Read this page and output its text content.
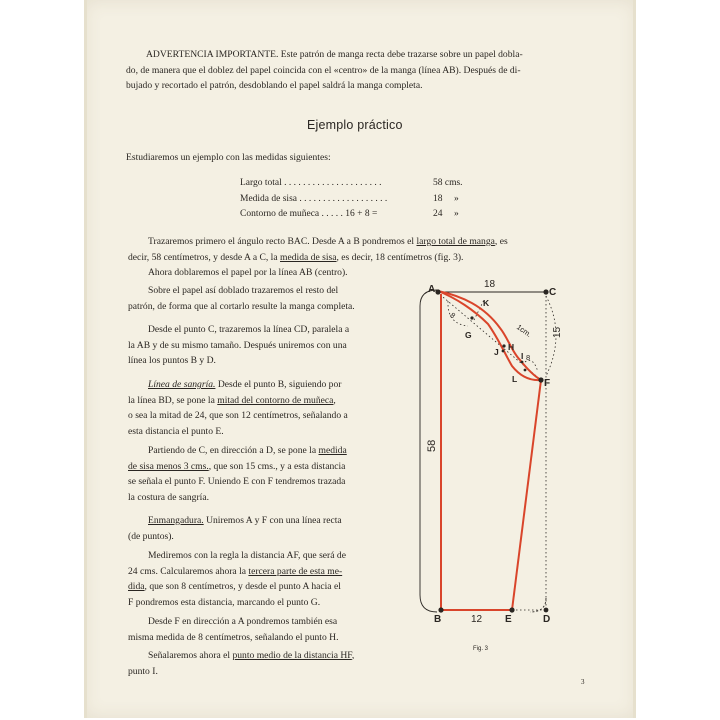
ADVERTENCIA IMPORTANTE. Este patrón de manga recta debe trazarse sobre un papel dobla-
do, de manera que el doblez del papel coincida con el «centro» de la manga (línea AB). Después de di-
bujado y recortado el patrón, desdoblando el papel saldrá la manga completa.
Ejemplo práctico
Estudiaremos un ejemplo con las medidas siguientes:
Largo total . . . . . . . . . . . . . . . . . . . . .	58 cms.
Medida de sisa . . . . . . . . . . . . . . . . . . .	18 »
Contorno de muñeca . . . . . 16 + 8 =	24 »
Trazaremos primero el ángulo recto BAC. Desde A a B pondremos el largo total de manga, es
decir, 58 centímetros, y desde A a C, la medida de sisa, es decir, 18 centímetros (fig. 3).
Ahora doblaremos el papel por la línea AB (centro).
Sobre el papel así doblado trazaremos el resto del
patrón, de forma que al cortarlo resulte la manga completa.
Desde el punto C, trazaremos la línea CD, paralela a
la AB y de su mismo tamaño. Después uniremos con una
línea los puntos B y D.
Línea de sangría. Desde el punto B, siguiendo por
la línea BD, se pone la mitad del contorno de muñeca,
o sea la mitad de 24, que son 12 centímetros, señalando a
esta distancia el punto E.
Partiendo de C, en dirección a D, se pone la medida
de sisa menos 3 cms., que son 15 cms., y a esta distancia
se señala el punto F. Uniendo E con F tendremos trazada
la costura de sangría.
Enmangadura. Uniremos A y F con una línea recta
(de puntos).
Mediremos con la regla la distancia AF, que será de
24 cms. Calcularemos ahora la tercera parte de esta me-
dida, que son 8 centímetros, y desde el punto A hacia el
F pondremos esta distancia, marcando el punto G.
Desde F en dirección a A pondremos también esa
misma medida de 8 centímetros, señalando el punto H.
Señalaremos ahora el punto medio de la distancia HF,
punto I.
A	C
B	E	D
F
G
K
H
J	I
L
18
58
15
12
1cm.
8
8
Fig. 3
3
